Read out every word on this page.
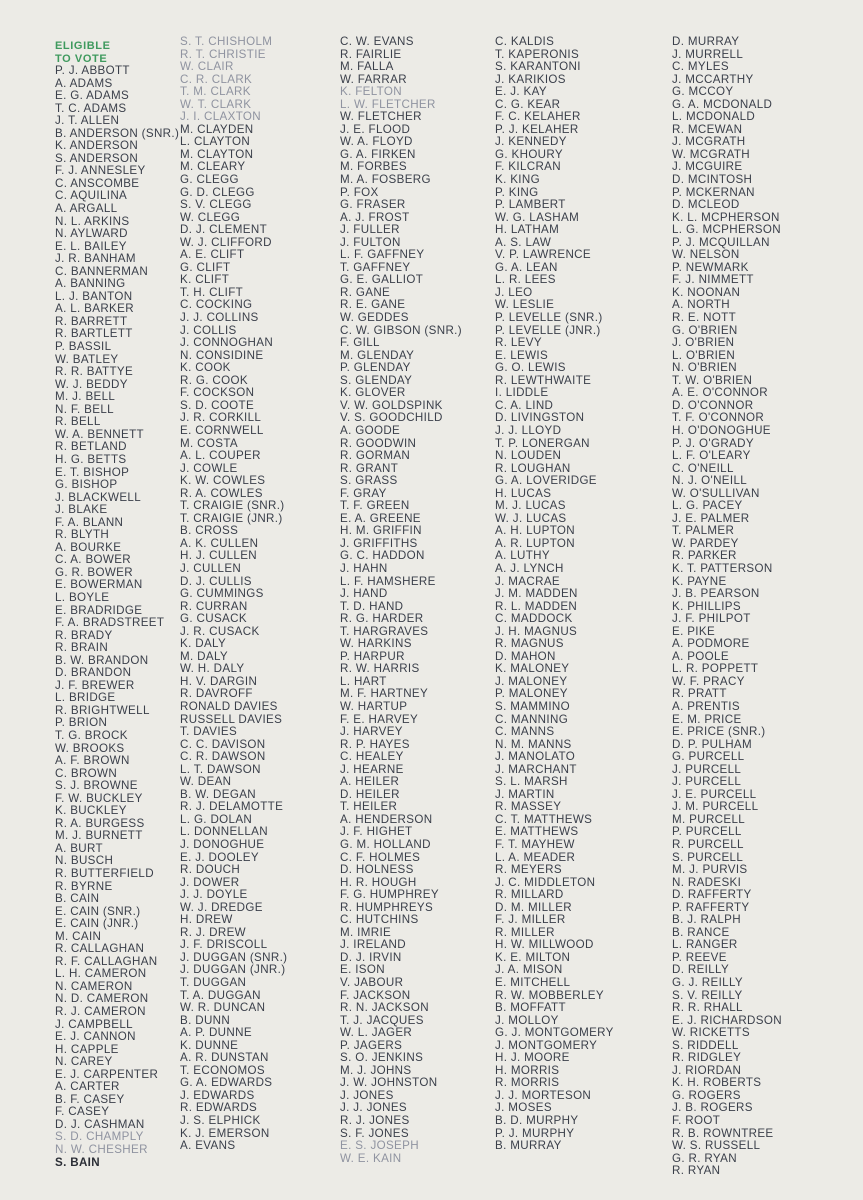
ELIGIBLE
TO VOTE
P. J. ABBOTT
A. ADAMS
E. G. ADAMS
T. C. ADAMS
J. T. ALLEN
B. ANDERSON (SNR.)
K. ANDERSON
S. ANDERSON
F. J. ANNESLEY
C. ANSCOMBE
C. AQUILINA
A. ARGALL
N. L. ARKINS
N. AYLWARD
E. L. BAILEY
J. R. BANHAM
C. BANNERMAN
A. BANNING
L. J. BANTON
A. L. BARKER
R. BARRETT
R. BARTLETT
P. BASSIL
W. BATLEY
R. R. BATTYE
W. J. BEDDY
M. J. BELL
N. F. BELL
R. BELL
W. A. BENNETT
R. BETLAND
H. G. BETTS
E. T. BISHOP
G. BISHOP
J. BLACKWELL
J. BLAKE
F. A. BLANN
R. BLYTH
A. BOURKE
C. A. BOWER
G. R. BOWER
E. BOWERMAN
L. BOYLE
E. BRADRIDGE
F. A. BRADSTREET
R. BRADY
R. BRAIN
B. W. BRANDON
D. BRANDON
J. F. BREWER
L. BRIDGE
R. BRIGHTWELL
P. BRION
T. G. BROCK
W. BROOKS
A. F. BROWN
C. BROWN
S. J. BROWNE
F. W. BUCKLEY
K. BUCKLEY
R. A. BURGESS
M. J. BURNETT
A. BURT
N. BUSCH
R. BUTTERFIELD
R. BYRNE
B. CAIN
E. CAIN (SNR.)
E. CAIN (JNR.)
M. CAIN
R. CALLAGHAN
R. F. CALLAGHAN
L. H. CAMERON
N. CAMERON
N. D. CAMERON
R. J. CAMERON
J. CAMPBELL
E. J. CANNON
H. CAPPLE
N. CAREY
E. J. CARPENTER
A. CARTER
B. F. CASEY
F. CASEY
D. J. CASHMAN
S. D. CHAMPLY
N. W. CHESHER
S. BAIN
S. T. CHISHOLM
R. T. CHRISTIE
W. CLAIR
C. R. CLARK
T. M. CLARK
W. T. CLARK
J. I. CLAXTON
M. CLAYDEN
L. CLAYTON
M. CLAYTON
M. CLEARY
G. CLEGG
G. D. CLEGG
S. V. CLEGG
W. CLEGG
D. J. CLEMENT
W. J. CLIFFORD
A. E. CLIFT
G. CLIFT
K. CLIFT
T. H. CLIFT
C. COCKING
J. J. COLLINS
J. COLLIS
J. CONNOGHAN
N. CONSIDINE
K. COOK
R. G. COOK
F. COCKSON
S. D. COOTE
J. R. CORKILL
E. CORNWELL
M. COSTA
A. L. COUPER
J. COWLE
K. W. COWLES
R. A. COWLES
T. CRAIGIE (SNR.)
T. CRAIGIE (JNR.)
B. CROSS
A. K. CULLEN
H. J. CULLEN
J. CULLEN
D. J. CULLIS
G. CUMMINGS
R. CURRAN
G. CUSACK
J. R. CUSACK
K. DALY
M. DALY
W. H. DALY
H. V. DARGIN
R. DAVROFF
RONALD DAVIES
RUSSELL DAVIES
T. DAVIES
C. C. DAVISON
C. R. DAWSON
L. T. DAWSON
W. DEAN
B. W. DEGAN
R. J. DELAMOTTE
L. G. DOLAN
L. DONNELLAN
J. DONOGHUE
E. J. DOOLEY
R. DOUCH
J. DOWER
J. J. DOYLE
W. J. DREDGE
H. DREW
R. J. DREW
J. F. DRISCOLL
J. DUGGAN (SNR.)
J. DUGGAN (JNR.)
T. DUGGAN
T. A. DUGGAN
W. R. DUNCAN
B. DUNN
A. P. DUNNE
K. DUNNE
A. R. DUNSTAN
T. ECONOMOS
G. A. EDWARDS
J. EDWARDS
R. EDWARDS
J. S. ELPHICK
K. J. EMERSON
A. EVANS
C. W. EVANS
R. FAIRLIE
M. FALLA
W. FARRAR
K. FELTON
L. W. FLETCHER
W. FLETCHER
J. E. FLOOD
W. A. FLOYD
G. A. FIRKEN
M. FORBES
M. A. FOSBERG
P. FOX
G. FRASER
A. J. FROST
J. FULLER
J. FULTON
L. F. GAFFNEY
T. GAFFNEY
G. E. GALLIOT
R. GANE
R. E. GANE
W. GEDDES
C. W. GIBSON (SNR.)
F. GILL
M. GLENDAY
P. GLENDAY
S. GLENDAY
K. GLOVER
V. W. GOLDSPINK
V. S. GOODCHILD
A. GOODE
R. GOODWIN
R. GORMAN
R. GRANT
S. GRASS
F. GRAY
T. F. GREEN
E. A. GREENE
H. M. GRIFFIN
J. GRIFFITHS
G. C. HADDON
J. HAHN
L. F. HAMSHERE
J. HAND
T. D. HAND
R. G. HARDER
T. HARGRAVES
W. HARKINS
P. HARPUR
R. W. HARRIS
L. HART
M. F. HARTNEY
W. HARTUP
F. E. HARVEY
J. HARVEY
R. P. HAYES
C. HEALEY
J. HEARNE
A. HEILER
D. HEILER
T. HEILER
A. HENDERSON
J. F. HIGHET
G. M. HOLLAND
C. F. HOLMES
D. HOLNESS
H. R. HOUGH
F. G. HUMPHREY
R. HUMPHREYS
C. HUTCHINS
M. IMRIE
J. IRELAND
D. J. IRVIN
E. ISON
V. JABOUR
F. JACKSON
R. N. JACKSON
T. J. JACQUES
W. L. JAGER
P. JAGERS
S. O. JENKINS
M. J. JOHNS
J. W. JOHNSTON
J. JONES
J. J. JONES
R. J. JONES
S. F. JONES
E. S. JOSEPH
W. E. KAIN
C. KALDIS
T. KAPERONIS
S. KARANTONI
J. KARIKIOS
E. J. KAY
C. G. KEAR
F. C. KELAHER
P. J. KELAHER
J. KENNEDY
G. KHOURY
F. KILCRAN
K. KING
P. KING
P. LAMBERT
W. G. LASHAM
H. LATHAM
A. S. LAW
V. P. LAWRENCE
G. A. LEAN
L. R. LEES
J. LEO
W. LESLIE
P. LEVELLE (SNR.)
P. LEVELLE (JNR.)
R. LEVY
E. LEWIS
G. O. LEWIS
R. LEWTHWAITE
I. LIDDLE
C. A. LIND
D. LIVINGSTON
J. J. LLOYD
T. P. LONERGAN
N. LOUDEN
R. LOUGHAN
G. A. LOVERIDGE
H. LUCAS
M. J. LUCAS
W. J. LUCAS
A. H. LUPTON
A. R. LUPTON
A. LUTHY
A. J. LYNCH
J. MACRAE
J. M. MADDEN
R. L. MADDEN
C. MADDOCK
J. H. MAGNUS
R. MAGNUS
D. MAHON
K. MALONEY
J. MALONEY
P. MALONEY
S. MAMMINO
C. MANNING
C. MANNS
N. M. MANNS
J. MANOLATO
J. MARCHANT
S. L. MARSH
J. MARTIN
R. MASSEY
C. T. MATTHEWS
E. MATTHEWS
F. T. MAYHEW
L. A. MEADER
R. MEYERS
J. C. MIDDLETON
R. MILLARD
D. M. MILLER
F. J. MILLER
R. MILLER
H. W. MILLWOOD
K. E. MILTON
J. A. MISON
E. MITCHELL
R. W. MOBBERLEY
B. MOFFATT
J. MOLLOY
G. J. MONTGOMERY
J. MONTGOMERY
H. J. MOORE
H. MORRIS
R. MORRIS
J. J. MORTESON
J. MOSES
B. D. MURPHY
P. J. MURPHY
B. MURRAY
D. MURRAY
J. MURRELL
C. MYLES
J. MCCARTHY
G. MCCOY
G. A. MCDONALD
L. MCDONALD
R. MCEWAN
J. MCGRATH
W. MCGRATH
J. MCGUIRE
D. MCINTOSH
P. MCKERNAN
D. MCLEOD
K. L. MCPHERSON
L. G. MCPHERSON
P. J. MCQUILLAN
W. NELSON
P. NEWMARK
F. J. NIMMETT
K. NOONAN
A. NORTH
R. E. NOTT
G. O'BRIEN
J. O'BRIEN
L. O'BRIEN
N. O'BRIEN
T. W. O'BRIEN
A. E. O'CONNOR
D. O'CONNOR
T. F. O'CONNOR
H. O'DONOGHUE
P. J. O'GRADY
L. F. O'LEARY
C. O'NEILL
N. J. O'NEILL
W. O'SULLIVAN
L. G. PACEY
J. E. PALMER
T. PALMER
W. PARDEY
R. PARKER
K. T. PATTERSON
K. PAYNE
J. B. PEARSON
K. PHILLIPS
J. F. PHILPOT
E. PIKE
A. PODMORE
A. POOLE
L. R. POPPETT
W. F. PRACY
R. PRATT
A. PRENTIS
E. M. PRICE
E. PRICE (SNR.)
D. P. PULHAM
G. PURCELL
J. PURCELL
J. PURCELL
J. E. PURCELL
J. M. PURCELL
M. PURCELL
P. PURCELL
R. PURCELL
S. PURCELL
M. J. PURVIS
N. RADESKI
D. RAFFERTY
P. RAFFERTY
B. J. RALPH
B. RANCE
L. RANGER
P. REEVE
D. REILLY
G. J. REILLY
S. V. REILLY
R. R. RHALL
E. J. RICHARDSON
W. RICKETTS
S. RIDDELL
R. RIDGLEY
J. RIORDAN
K. H. ROBERTS
G. ROGERS
J. B. ROGERS
F. ROOT
R. B. ROWNTREE
W. S. RUSSELL
G. R. RYAN
R. RYAN
